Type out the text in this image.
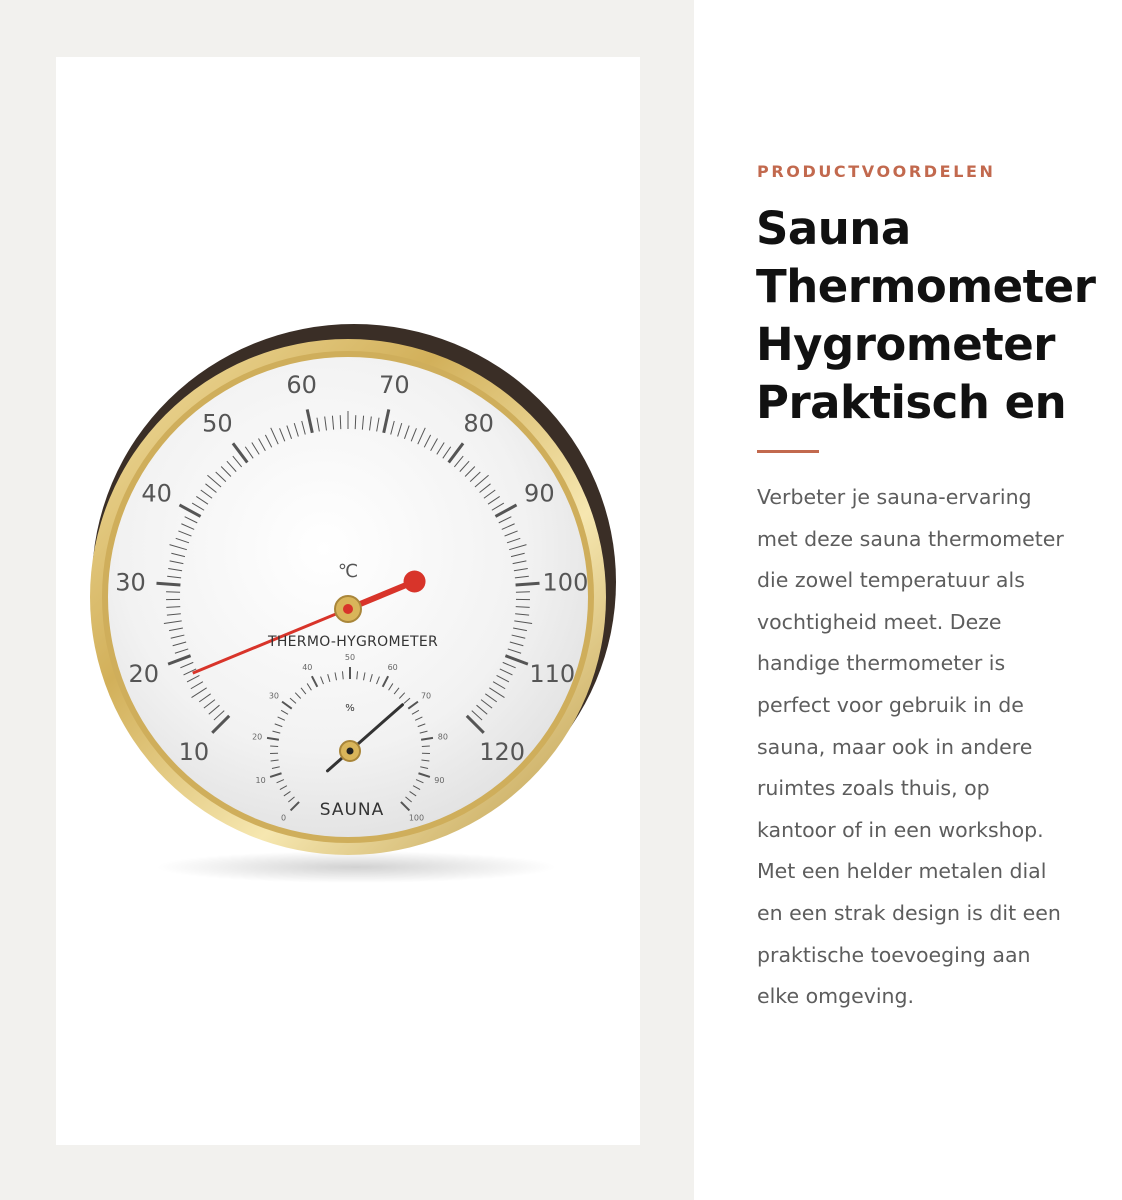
10
20
30
40
50
60	70
80
90
100
110
120
℃
THERMO-HYGROMETER
0
10
20
30
40
50
60
70
80
90
100
%
SAUNA
PRODUCTVOORDELEN
Sauna
Thermometer
Hygrometer
Praktisch en

Verbeter je sauna-ervaring
met deze sauna thermometer
die zowel temperatuur als
vochtigheid meet. Deze
handige thermometer is
perfect voor gebruik in de
sauna, maar ook in andere
ruimtes zoals thuis, op
kantoor of in een workshop.
Met een helder metalen dial
en een strak design is dit een
praktische toevoeging aan
elke omgeving.
